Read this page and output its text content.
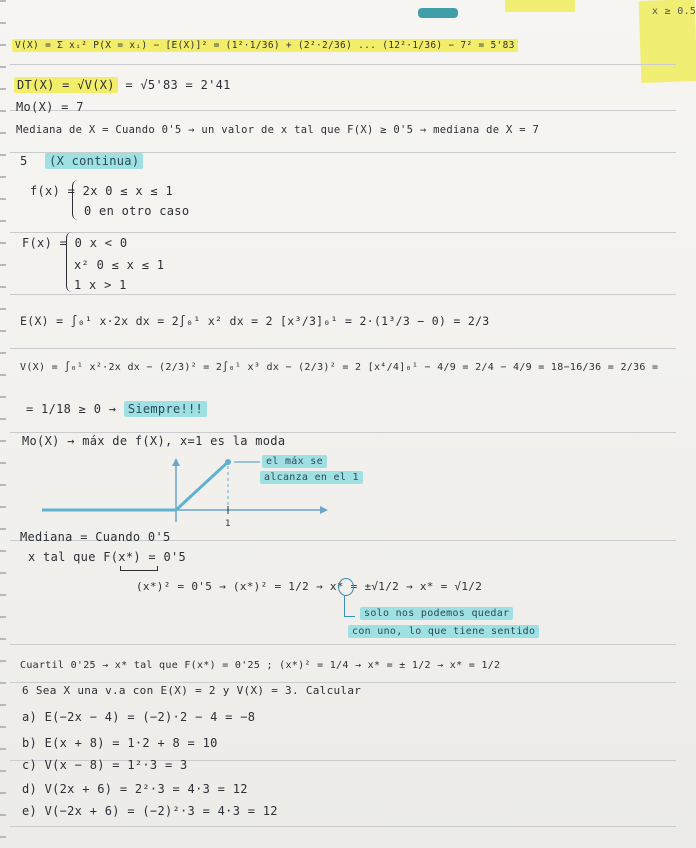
x ≥ 0.5
V(X) = Σ xᵢ² P(X = xᵢ) − [E(X)]² = (1²·1/36) + (2²·2/36) ... (12²·1/36) − 7² = 5'83
DT(X) = √V(X) = √5'83 = 2'41
Mo(X) = 7
Mediana de X = Cuando 0'5 → un valor de x tal que F(X) ≥ 0'5 → mediana de X = 7
5 (X continua)
f(x) = 2x 0 ≤ x ≤ 1
0 en otro caso
F(x) = 0 x < 0
x² 0 ≤ x ≤ 1
1 x > 1
E(X) = ∫₀¹ x·2x dx = 2∫₀¹ x² dx = 2 [x³/3]₀¹ = 2·(1³/3 − 0) = 2/3
V(X) = ∫₀¹ x²·2x dx − (2/3)² = 2∫₀¹ x³ dx − (2/3)² = 2 [x⁴/4]₀¹ − 4/9 = 2/4 − 4/9 = 18−16/36 = 2/36 =
= 1/18 ≥ 0 → Siempre!!!
Mo(X) → máx de f(X), x=1 es la moda
1
el máx se
alcanza en el 1
Mediana = Cuando 0'5
x tal que F(x*) = 0'5
(x*)² = 0'5 → (x*)² = 1/2 → x* = ±√1/2 → x* = √1/2
solo nos podemos quedar
con uno, lo que tiene sentido
Cuartil 0'25 → x* tal que F(x*) = 0'25 ; (x*)² = 1/4 → x* = ± 1/2 → x* = 1/2
6 Sea X una v.a con E(X) = 2 y V(X) = 3. Calcular
a) E(−2x − 4) = (−2)·2 − 4 = −8
b) E(x + 8) = 1·2 + 8 = 10
c) V(x − 8) = 1²·3 = 3
d) V(2x + 6) = 2²·3 = 4·3 = 12
e) V(−2x + 6) = (−2)²·3 = 4·3 = 12
